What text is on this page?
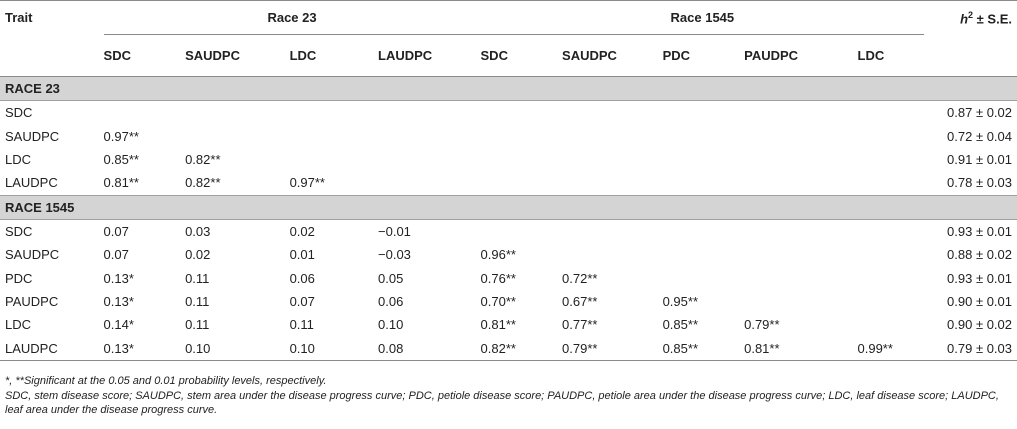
Trait	Race 23				Race 1545					$h^2 \pm S.E$.
	SDC	SAUDPC	LDC	LAUDPC	SDC	SAUDPC	PDC	PAUDPC	LDC	
RACE 23										
SDC										0.87 ± 0.02
SAUDPC	0.97**									0.72 ± 0.04
LDC	0.85**	0.82**								0.91 ± 0.01
LAUDPC	0.81**	0.82**	0.97**							0.78 ± 0.03
RACE 1545										
SDC	0.07	0.03	0.02	−0.01						0.93 ± 0.01
SAUDPC	0.07	0.02	0.01	−0.03	0.96**					0.88 ± 0.02
PDC	0.13*	0.11	0.06	0.05	0.76**	0.72**				0.93 ± 0.01
PAUDPC	0.13*	0.11	0.07	0.06	0.70**	0.67**	0.95**			0.90 ± 0.01
LDC	0.14*	0.11	0.11	0.10	0.81**	0.77**	0.85**	0.79**		0.90 ± 0.02
LAUDPC	0.13*	0.10	0.10	0.08	0.82**	0.79**	0.85**	0.81**	0.99**	0.79 ± 0.03

*, **Significant at the 0.05 and 0.01 probability levels, respectively.

SDC, stem disease score; SAUDPC, stem area under the disease progress curve; PDC, petiole disease score; PAUDPC, petiole area under the disease progress curve; LDC, leaf disease score; LAUDPC, leaf area under the disease progress curve.
